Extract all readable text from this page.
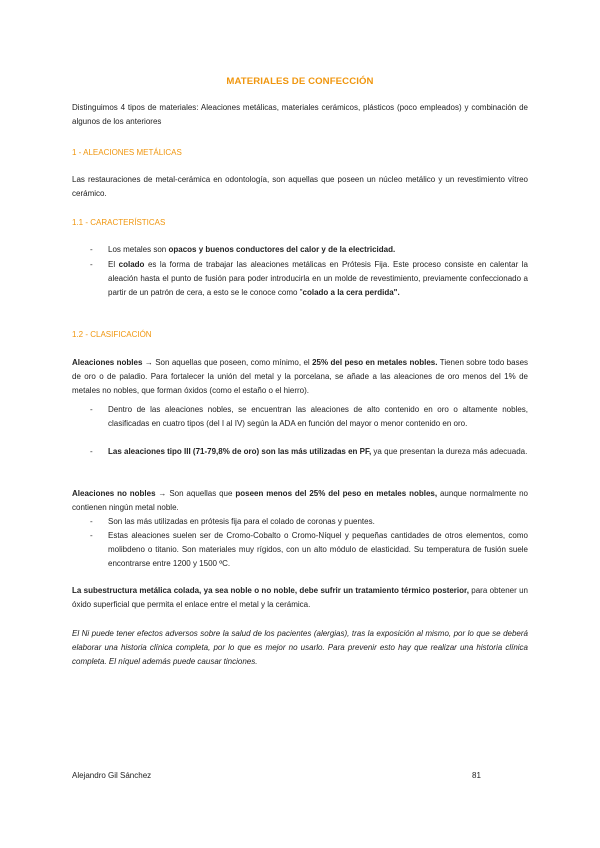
MATERIALES DE CONFECCIÓN

Distinguimos 4 tipos de materiales: Aleaciones metálicas, materiales cerámicos, plásticos (poco empleados) y combinación de algunos de los anteriores

1 - ALEACIONES METÁLICAS

Las restauraciones de metal-cerámica en odontología, son aquellas que poseen un núcleo metálico y un revestimiento vítreo cerámico.

1.1 - CARACTERÍSTICAS
- Los metales son opacos y buenos conductores del calor y de la electricidad.
- El colado es la forma de trabajar las aleaciones metálicas en Prótesis Fija. Este proceso consiste en calentar la aleación hasta el punto de fusión para poder introducirla en un molde de revestimiento, previamente confeccionado a partir de un patrón de cera, a esto se le conoce como "colado a la cera perdida".
1.2 - CLASIFICACIÓN

Aleaciones nobles → Son aquellas que poseen, como mínimo, el 25% del peso en metales nobles. Tienen sobre todo bases de oro o de paladio. Para fortalecer la unión del metal y la porcelana, se añade a las aleaciones de oro menos del 1% de metales no nobles, que forman óxidos (como el estaño o el hierro).

- Dentro de las aleaciones nobles, se encuentran las aleaciones de alto contenido en oro o altamente nobles, clasificadas en cuatro tipos (del I al IV) según la ADA en función del mayor o menor contenido en oro.
- Las aleaciones tipo III (71-79,8% de oro) son las más utilizadas en PF, ya que presentan la dureza más adecuada.

Aleaciones no nobles → Son aquellas que poseen menos del 25% del peso en metales nobles, aunque normalmente no contienen ningún metal noble.

- Son las más utilizadas en prótesis fija para el colado de coronas y puentes.
- Estas aleaciones suelen ser de Cromo-Cobalto o Cromo-Níquel y pequeñas cantidades de otros elementos, como molibdeno o titanio. Son materiales muy rígidos, con un alto módulo de elasticidad. Su temperatura de fusión suele encontrarse entre 1200 y 1500 ºC.

La subestructura metálica colada, ya sea noble o no noble, debe sufrir un tratamiento térmico posterior, para obtener un óxido superficial que permita el enlace entre el metal y la cerámica.

El Ni puede tener efectos adversos sobre la salud de los pacientes (alergias), tras la exposición al mismo, por lo que se deberá elaborar una historia clínica completa, por lo que es mejor no usarlo. Para prevenir esto hay que realizar una historia clínica completa. El níquel además puede causar tinciones.

Alejandro Gil Sánchez	81
